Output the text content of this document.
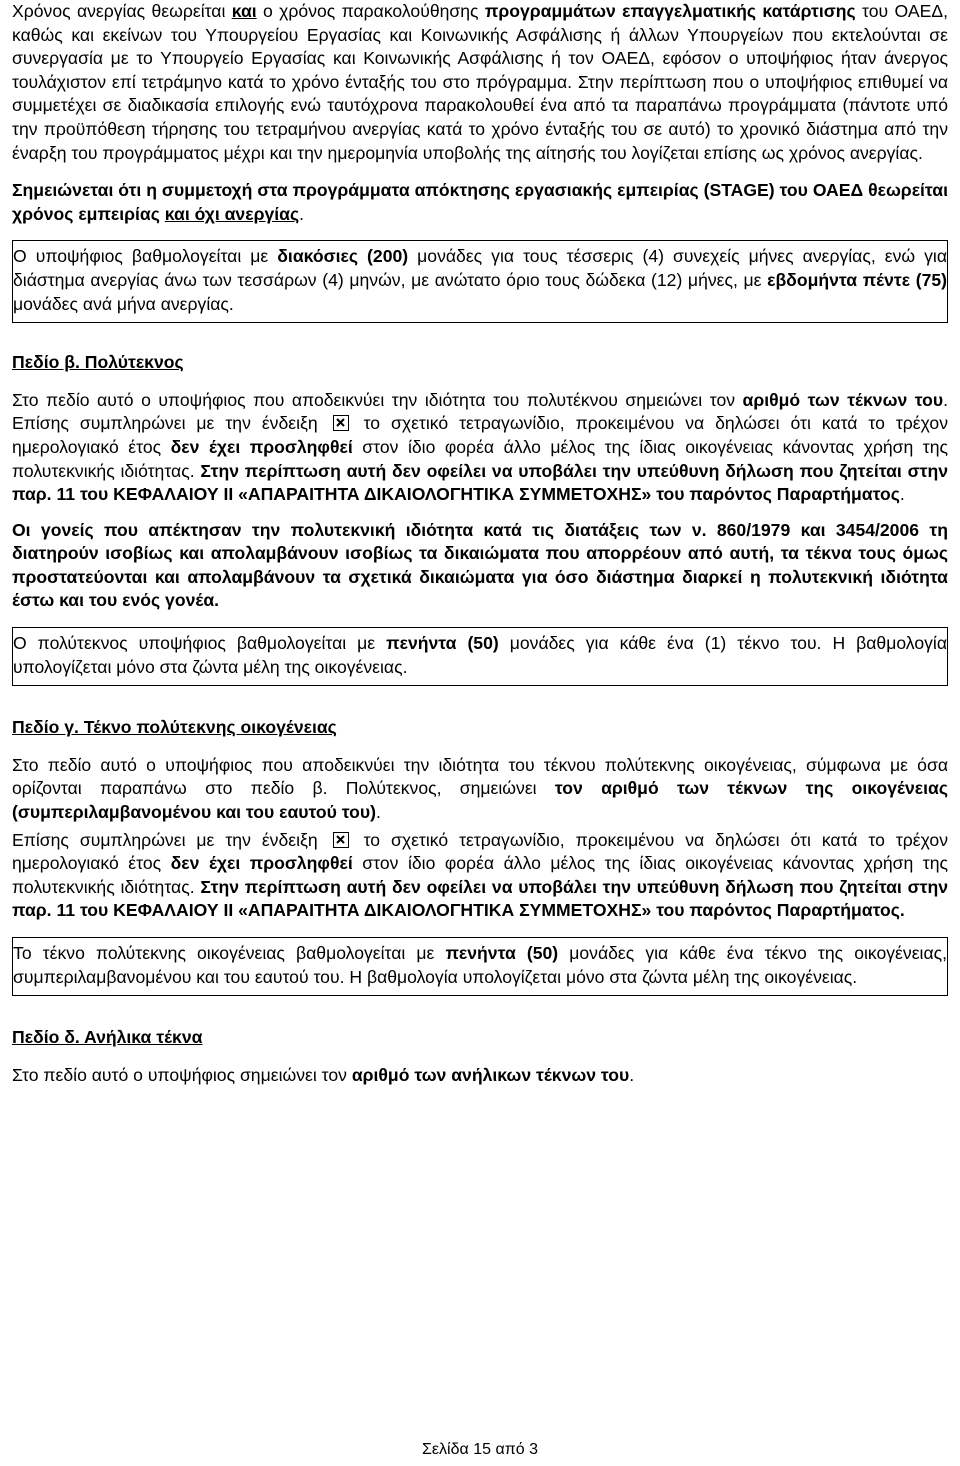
Χρόνος ανεργίας θεωρείται και ο χρόνος παρακολούθησης προγραμμάτων επαγγελματικής κατάρτισης του ΟΑΕΔ, καθώς και εκείνων του Υπουργείου Εργασίας και Κοινωνικής Ασφάλισης ή άλλων Υπουργείων που εκτελούνται σε συνεργασία με το Υπουργείο Εργασίας και Κοινωνικής Ασφάλισης ή τον ΟΑΕΔ, εφόσον ο υποψήφιος ήταν άνεργος τουλάχιστον επί τετράμηνο κατά το χρόνο ένταξής του στο πρόγραμμα. Στην περίπτωση που ο υποψήφιος επιθυμεί να συμμετέχει σε διαδικασία επιλογής ενώ ταυτόχρονα παρακολουθεί ένα από τα παραπάνω προγράμματα (πάντοτε υπό την προϋπόθεση τήρησης του τετραμήνου ανεργίας κατά το χρόνο ένταξής του σε αυτό) το χρονικό διάστημα από την έναρξη του προγράμματος μέχρι και την ημερομηνία υποβολής της αίτησής του λογίζεται επίσης ως χρόνος ανεργίας.

Σημειώνεται ότι η συμμετοχή στα προγράμματα απόκτησης εργασιακής εμπειρίας (STAGE) του ΟΑΕΔ θεωρείται χρόνος εμπειρίας και όχι ανεργίας.

Ο υποψήφιος βαθμολογείται με διακόσιες (200) μονάδες για τους τέσσερις (4) συνεχείς μήνες ανεργίας, ενώ για διάστημα ανεργίας άνω των τεσσάρων (4) μηνών, με ανώτατο όριο τους δώδεκα (12) μήνες, με εβδομήντα πέντε (75) μονάδες ανά μήνα ανεργίας.

Πεδίο β. Πολύτεκνος

Στο πεδίο αυτό ο υποψήφιος που αποδεικνύει την ιδιότητα του πολυτέκνου σημειώνει τον αριθμό των τέκνων του. Επίσης συμπληρώνει με την ένδειξη
το σχετικό τετραγωνίδιο, προκειμένου να δηλώσει ότι κατά το τρέχον ημερολογιακό έτος δεν έχει προσληφθεί στον ίδιο φορέα άλλο μέλος της ίδιας οικογένειας κάνοντας χρήση της πολυτεκνικής ιδιότητας. Στην περίπτωση αυτή δεν οφείλει να υποβάλει την υπεύθυνη δήλωση που ζητείται στην παρ. 11 του ΚΕΦΑΛΑΙΟΥ ΙΙ «ΑΠΑΡΑΙΤΗΤΑ ΔΙΚΑΙΟΛΟΓΗΤΙΚΑ ΣΥΜΜΕΤΟΧΗΣ» του παρόντος Παραρτήματος.

Οι γονείς που απέκτησαν την πολυτεκνική ιδιότητα κατά τις διατάξεις των ν. 860/1979 και 3454/2006 τη διατηρούν ισοβίως και απολαμβάνουν ισοβίως τα δικαιώματα που απορρέουν από αυτή, τα τέκνα τους όμως προστατεύονται και απολαμβάνουν τα σχετικά δικαιώματα για όσο διάστημα διαρκεί η πολυτεκνική ιδιότητα έστω και του ενός γονέα.

Ο πολύτεκνος υποψήφιος βαθμολογείται με πενήντα (50) μονάδες για κάθε ένα (1) τέκνο του. Η βαθμολογία υπολογίζεται μόνο στα ζώντα μέλη της οικογένειας.

Πεδίο γ. Τέκνο πολύτεκνης οικογένειας

Στο πεδίο αυτό ο υποψήφιος που αποδεικνύει την ιδιότητα του τέκνου πολύτεκνης οικογένειας, σύμφωνα με όσα ορίζονται παραπάνω στο πεδίο β. Πολύτεκνος, σημειώνει τον αριθμό των τέκνων της οικογένειας (συμπεριλαμβανομένου και του εαυτού του).

Επίσης συμπληρώνει με την ένδειξη
το σχετικό τετραγωνίδιο, προκειμένου να δηλώσει ότι κατά το τρέχον ημερολογιακό έτος δεν έχει προσληφθεί στον ίδιο φορέα άλλο μέλος της ίδιας οικογένειας κάνοντας χρήση της πολυτεκνικής ιδιότητας. Στην περίπτωση αυτή δεν οφείλει να υποβάλει την υπεύθυνη δήλωση που ζητείται στην παρ. 11 του ΚΕΦΑΛΑΙΟΥ ΙΙ «ΑΠΑΡΑΙΤΗΤΑ ΔΙΚΑΙΟΛΟΓΗΤΙΚΑ ΣΥΜΜΕΤΟΧΗΣ» του παρόντος Παραρτήματος.

Το τέκνο πολύτεκνης οικογένειας βαθμολογείται με πενήντα (50) μονάδες για κάθε ένα τέκνο της οικογένειας, συμπεριλαμβανομένου και του εαυτού του. Η βαθμολογία υπολογίζεται μόνο στα ζώντα μέλη της οικογένειας.

Πεδίο δ. Ανήλικα τέκνα

Στο πεδίο αυτό ο υποψήφιος σημειώνει τον αριθμό των ανήλικων τέκνων του.

Σελίδα 15 από 3
